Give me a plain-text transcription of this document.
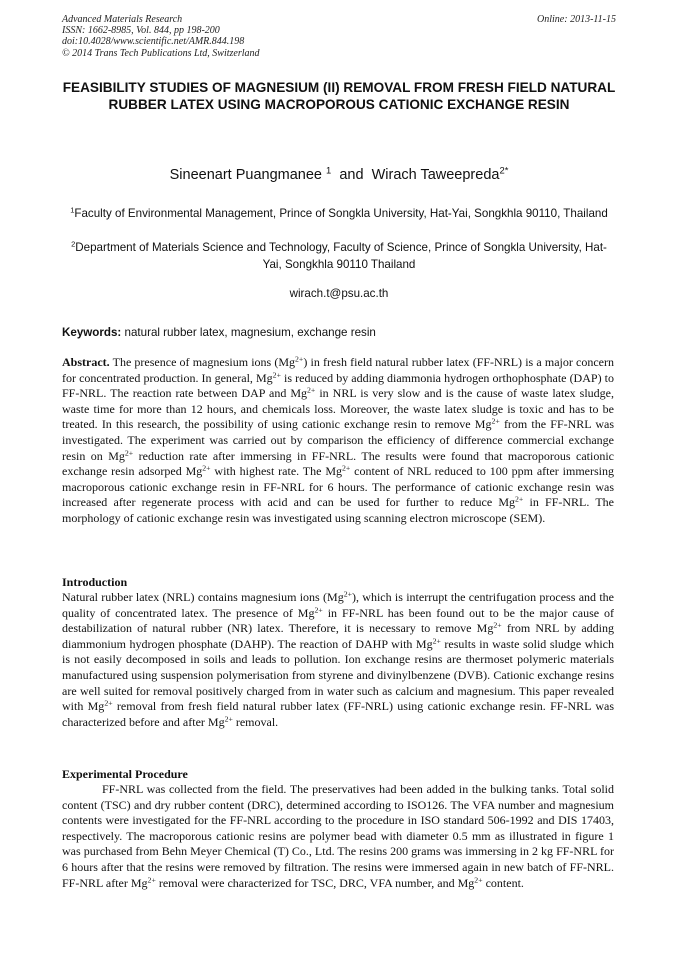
Advanced Materials Research
ISSN: 1662-8985, Vol. 844, pp 198-200
doi:10.4028/www.scientific.net/AMR.844.198
© 2014 Trans Tech Publications Ltd, Switzerland
Online: 2013-11-15
FEASIBILITY STUDIES OF MAGNESIUM (II) REMOVAL FROM FRESH FIELD NATURAL RUBBER LATEX USING MACROPOROUS CATIONIC EXCHANGE RESIN
Sineenart Puangmanee $^1$ and Wirach Taweepreda$^{2*}$
$^1$Faculty of Environmental Management, Prince of Songkla University, Hat-Yai, Songkhla 90110, Thailand
$^2$Department of Materials Science and Technology, Faculty of Science, Prince of Songkla University, Hat-Yai, Songkhla 90110 Thailand
wirach.t@psu.ac.th
Keywords: natural rubber latex, magnesium, exchange resin
Abstract. The presence of magnesium ions $(Mg^{2+})$ in fresh field natural rubber latex (FF-NRL) is a major concern for concentrated production. In general, $Mg^{2+}$ is reduced by adding diammonia hydrogen orthophosphate (DAP) to FF-NRL. The reaction rate between DAP and $Mg^{2+}$ in NRL is very slow and is the cause of waste latex sludge, waste time for more than 12 hours, and chemicals loss. Moreover, the waste latex sludge is toxic and has to be treated. In this research, the possibility of using cationic exchange resin to remove $Mg^{2+}$ from the FF-NRL was investigated. The experiment was carried out by comparison the efficiency of difference commercial exchange resin on $Mg^{2+}$ reduction rate after immersing in FF-NRL. The results were found that macroporous cationic exchange resin adsorped $Mg^{2+}$ with highest rate. The $Mg^{2+}$ content of NRL reduced to 100 ppm after immersing macroporous cationic exchange resin in FF-NRL for 6 hours. The performance of cationic exchange resin was increased after regenerate process with acid and can be used for further to reduce $Mg^{2+}$ in FF-NRL. The morphology of cationic exchange resin was investigated using scanning electron microscope (SEM).
Introduction
Natural rubber latex (NRL) contains magnesium ions $(Mg^{2+})$, which is interrupt the centrifugation process and the quality of concentrated latex. The presence of $Mg^{2+}$ in FF-NRL has been found out to be the major cause of destabilization of natural rubber (NR) latex. Therefore, it is necessary to remove $Mg^{2+}$ from NRL by adding diammonium hydrogen phosphate (DAHP). The reaction of DAHP with $Mg^{2+}$ results in waste solid sludge which is not easily decomposed in soils and leads to pollution. Ion exchange resins are thermoset polymeric materials manufactured using suspension polymerisation from styrene and divinylbenzene (DVB). Cationic exchange resins are well suited for removal positively charged from in water such as calcium and magnesium. This paper revealed with $Mg^{2+}$ removal from fresh field natural rubber latex (FF-NRL) using cationic exchange resin. FF-NRL was characterized before and after $Mg^{2+}$ removal.
Experimental Procedure
FF-NRL was collected from the field. The preservatives had been added in the bulking tanks. Total solid content (TSC) and dry rubber content (DRC), determined according to ISO126. The VFA number and magnesium contents were investigated for the FF-NRL according to the procedure in ISO standard 506-1992 and DIS 17403, respectively. The macroporous cationic resins are polymer bead with diameter 0.5 mm as illustrated in figure 1 was purchased from Behn Meyer Chemical (T) Co., Ltd. The resins 200 grams was immersing in 2 kg FF-NRL for 6 hours after that the resins were removed by filtration. The resins were immersed again in new batch of FF-NRL. FF-NRL after $Mg^{2+}$ removal were characterized for TSC, DRC, VFA number, and $Mg^{2+}$ content.
